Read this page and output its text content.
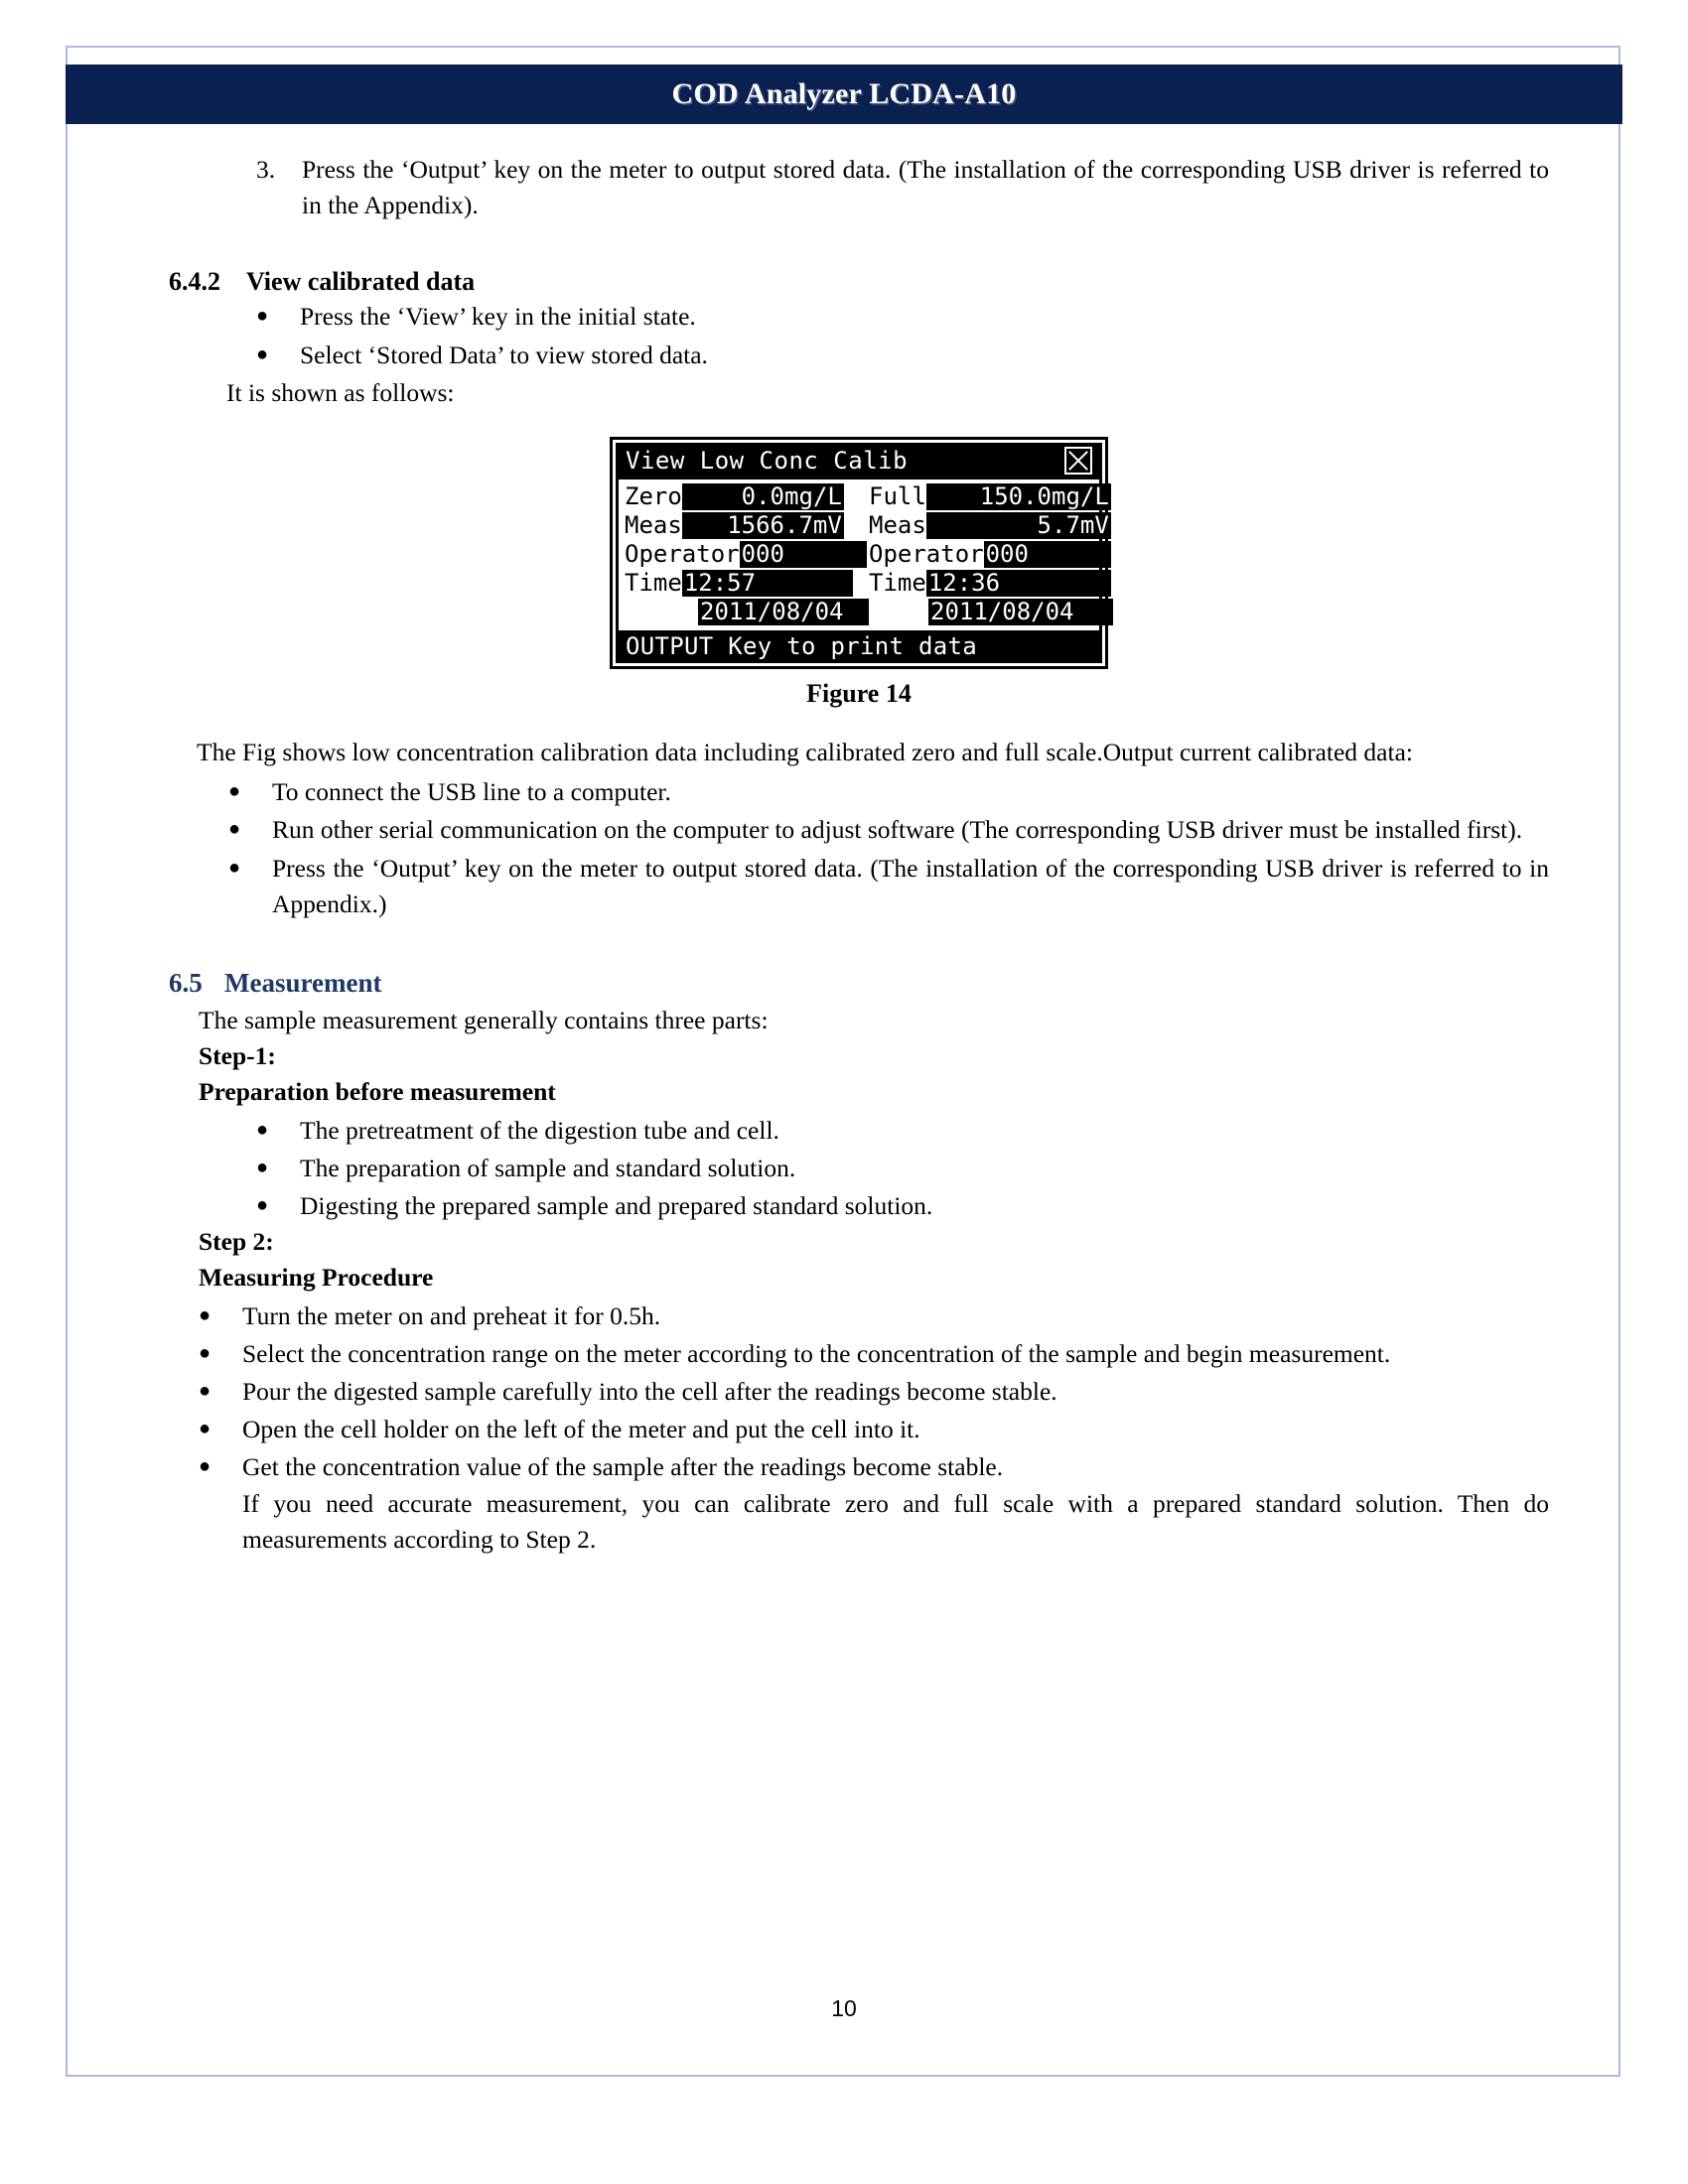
COD Analyzer LCDA-A10
3.	Press the ‘Output’ key on the meter to output stored data. (The installation of the corresponding USB driver is referred to in the Appendix).
6.4.2	View calibrated data
●	Press the ‘View’ key in the initial state.
●	Select ‘Stored Data’ to view stored data.
It is shown as follows:
View Low Conc Calib
Zero	0.0mg/L Full	150.0mg/L
Meas	1566.7mV Meas	5.7mV
Operator 000	Operator 000
Time 12:57	Time 12:36
2011/08/04	2011/08/04
OUTPUT Key to print data
Figure 14
The Fig shows low concentration calibration data including calibrated zero and full scale.Output current calibrated data:
●	To connect the USB line to a computer.
●	Run other serial communication on the computer to adjust software (The corresponding USB driver must be installed first).
●	Press the ‘Output’ key on the meter to output stored data. (The installation of the corresponding USB driver is referred to in Appendix.)
6.5 Measurement
The sample measurement generally contains three parts:
Step-1:
Preparation before measurement
●	The pretreatment of the digestion tube and cell.
●	The preparation of sample and standard solution.
●	Digesting the prepared sample and prepared standard solution.
Step 2:
Measuring Procedure
●	Turn the meter on and preheat it for 0.5h.
●	Select the concentration range on the meter according to the concentration of the sample and begin measurement.
●	Pour the digested sample carefully into the cell after the readings become stable.
●	Open the cell holder on the left of the meter and put the cell into it.
●	Get the concentration value of the sample after the readings become stable.
If you need accurate measurement, you can calibrate zero and full scale with a prepared standard solution. Then do measurements according to Step 2.
10
